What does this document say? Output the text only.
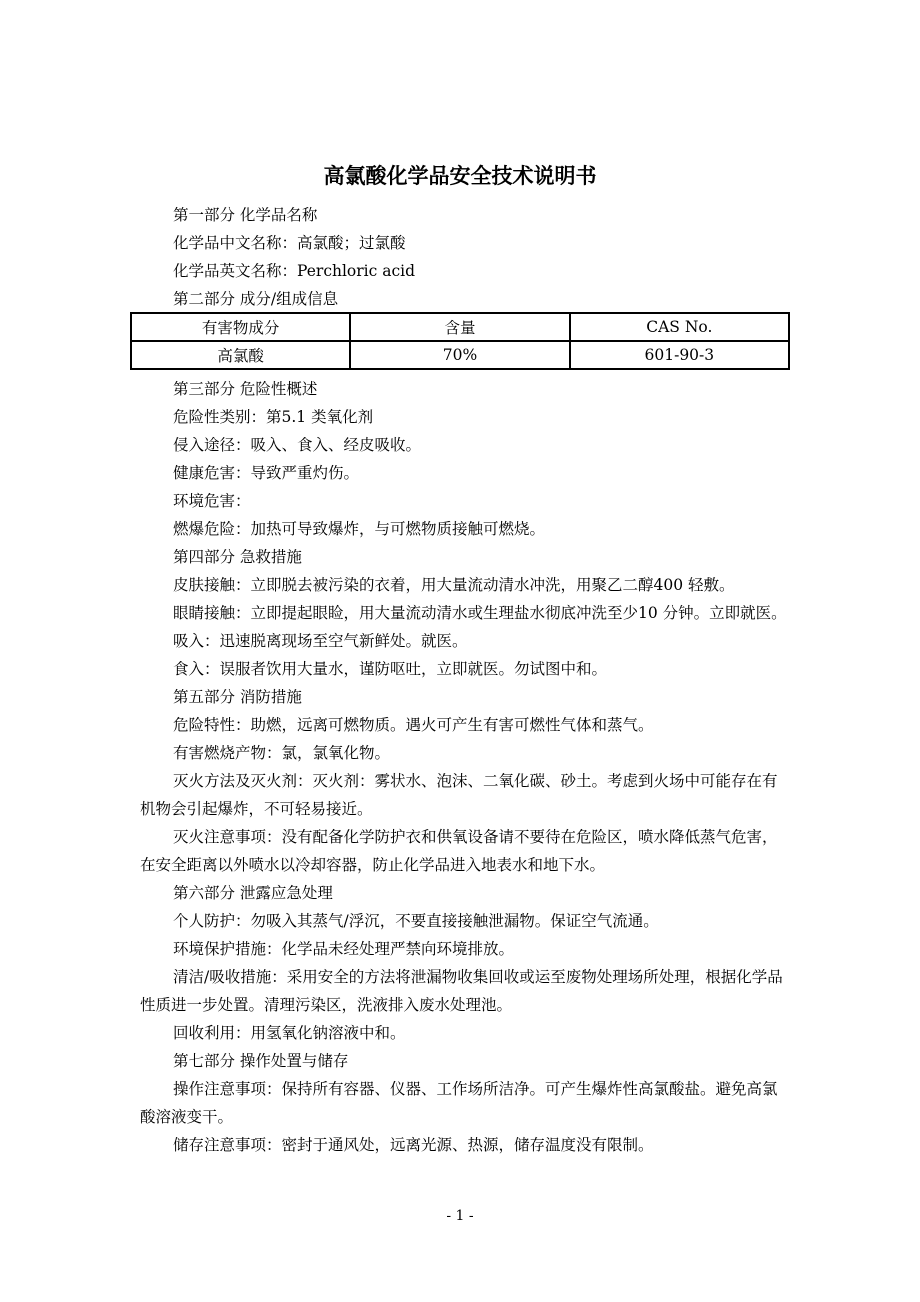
高氯酸化学品安全技术说明书

第一部分 化学品名称

化学品中文名称：高氯酸；过氯酸

化学品英文名称：Perchloric acid

第二部分 成分/组成信息

有害物成分	含量	CAS No.
高氯酸	70%	601-90-3

第三部分 危险性概述

危险性类别：第5.1 类氧化剂

侵入途径：吸入、食入、经皮吸收。

健康危害：导致严重灼伤。

环境危害：

燃爆危险：加热可导致爆炸，与可燃物质接触可燃烧。

第四部分 急救措施

皮肤接触：立即脱去被污染的衣着，用大量流动清水冲洗，用聚乙二醇400 轻敷。

眼睛接触：立即提起眼睑，用大量流动清水或生理盐水彻底冲洗至少10 分钟。立即就医。

吸入：迅速脱离现场至空气新鲜处。就医。

食入：误服者饮用大量水，谨防呕吐，立即就医。勿试图中和。

第五部分 消防措施

危险特性：助燃，远离可燃物质。遇火可产生有害可燃性气体和蒸气。

有害燃烧产物：氯，氯氧化物。

灭火方法及灭火剂：灭火剂：雾状水、泡沫、二氧化碳、砂土。考虑到火场中可能存在有机物会引起爆炸，不可轻易接近。

灭火注意事项：没有配备化学防护衣和供氧设备请不要待在危险区，喷水降低蒸气危害，在安全距离以外喷水以冷却容器，防止化学品进入地表水和地下水。

第六部分 泄露应急处理

个人防护：勿吸入其蒸气/浮沉，不要直接接触泄漏物。保证空气流通。

环境保护措施：化学品未经处理严禁向环境排放。

清洁/吸收措施：采用安全的方法将泄漏物收集回收或运至废物处理场所处理，根据化学品性质进一步处置。清理污染区，洗液排入废水处理池。

回收利用：用氢氧化钠溶液中和。

第七部分 操作处置与储存

操作注意事项：保持所有容器、仪器、工作场所洁净。可产生爆炸性高氯酸盐。避免高氯酸溶液变干。

储存注意事项：密封于通风处，远离光源、热源，储存温度没有限制。

- 1 -
